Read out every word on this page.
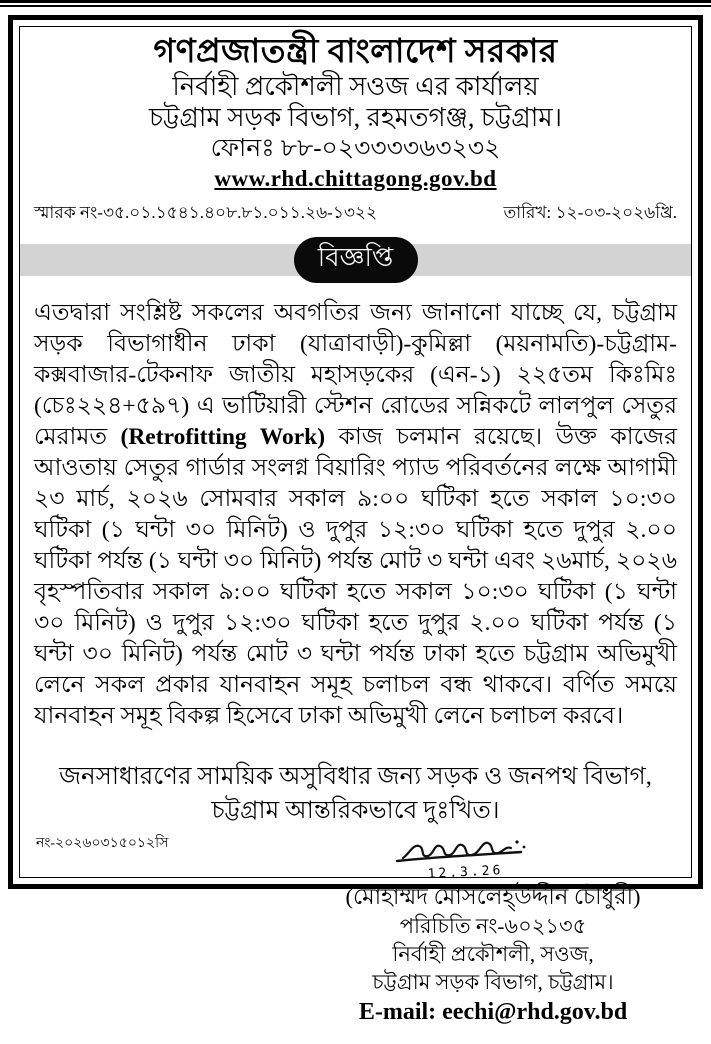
গণপ্রজাতন্ত্রী বাংলাদেশ সরকার
নির্বাহী প্রকৌশলী সওজ এর কার্যালয়
চট্টগ্রাম সড়ক বিভাগ, রহমতগঞ্জ, চট্টগ্রাম।
ফোনঃ ৮৮-০২৩৩৩৩৬৩২৩২
www.rhd.chittagong.gov.bd
স্মারক নং-৩৫.০১.১৫৪১.৪০৮.৮১.০১১.২৬-১৩২২	তারিখ: ১২-০৩-২০২৬খ্রি.
বিজ্ঞপ্তি

এতদ্বারা সংশ্লিষ্ট সকলের অবগতির জন্য জানানো যাচ্ছে যে, চট্টগ্রাম সড়ক বিভাগাধীন ঢাকা (যাত্রাবাড়ী)-কুমিল্লা (ময়নামতি)-চট্টগ্রাম-কক্সবাজার-টেকনাফ জাতীয় মহাসড়কের (এন-১) ২২৫তম কিঃমিঃ (চেঃ২২৪+৫৯৭) এ ভাটিয়ারী স্টেশন রোডের সন্নিকটে লালপুল সেতুর মেরামত (Retrofitting Work) কাজ চলমান রয়েছে। উক্ত কাজের আওতায় সেতুর গার্ডার সংলগ্ন বিয়ারিং প্যাড পরিবর্তনের লক্ষে আগামী ২৩ মার্চ, ২০২৬ সোমবার সকাল ৯:০০ ঘটিকা হতে সকাল ১০:৩০ ঘটিকা (১ ঘন্টা ৩০ মিনিট) ও দুপুর ১২:৩০ ঘটিকা হতে দুপুর ২.০০ ঘটিকা পর্যন্ত (১ ঘন্টা ৩০ মিনিট) পর্যন্ত মোট ৩ ঘন্টা এবং ২৬মার্চ, ২০২৬ বৃহস্পতিবার সকাল ৯:০০ ঘটিকা হতে সকাল ১০:৩০ ঘটিকা (১ ঘন্টা ৩০ মিনিট) ও দুপুর ১২:৩০ ঘটিকা হতে দুপুর ২.০০ ঘটিকা পর্যন্ত (১ ঘন্টা ৩০ মিনিট) পর্যন্ত মোট ৩ ঘন্টা পর্যন্ত ঢাকা হতে চট্টগ্রাম অভিমুখী লেনে সকল প্রকার যানবাহন সমূহ চলাচল বন্ধ থাকবে। বর্ণিত সময়ে যানবাহন সমূহ বিকল্প হিসেবে ঢাকা অভিমুখী লেনে চলাচল করবে।

জনসাধারণের সাময়িক অসুবিধার জন্য সড়ক ও জনপথ বিভাগ,
চট্টগ্রাম আন্তরিকভাবে দুঃখিত।
12.3.26
(মোহাম্মদ মোসলেহ্উদ্দীন চৌধুরী)
পরিচিতি নং-৬০২১৩৫
নির্বাহী প্রকৌশলী, সওজ,
চট্টগ্রাম সড়ক বিভাগ, চট্টগ্রাম।
E-mail: eechi@rhd.gov.bd
নং-২০২৬০৩১৫০১২সি
